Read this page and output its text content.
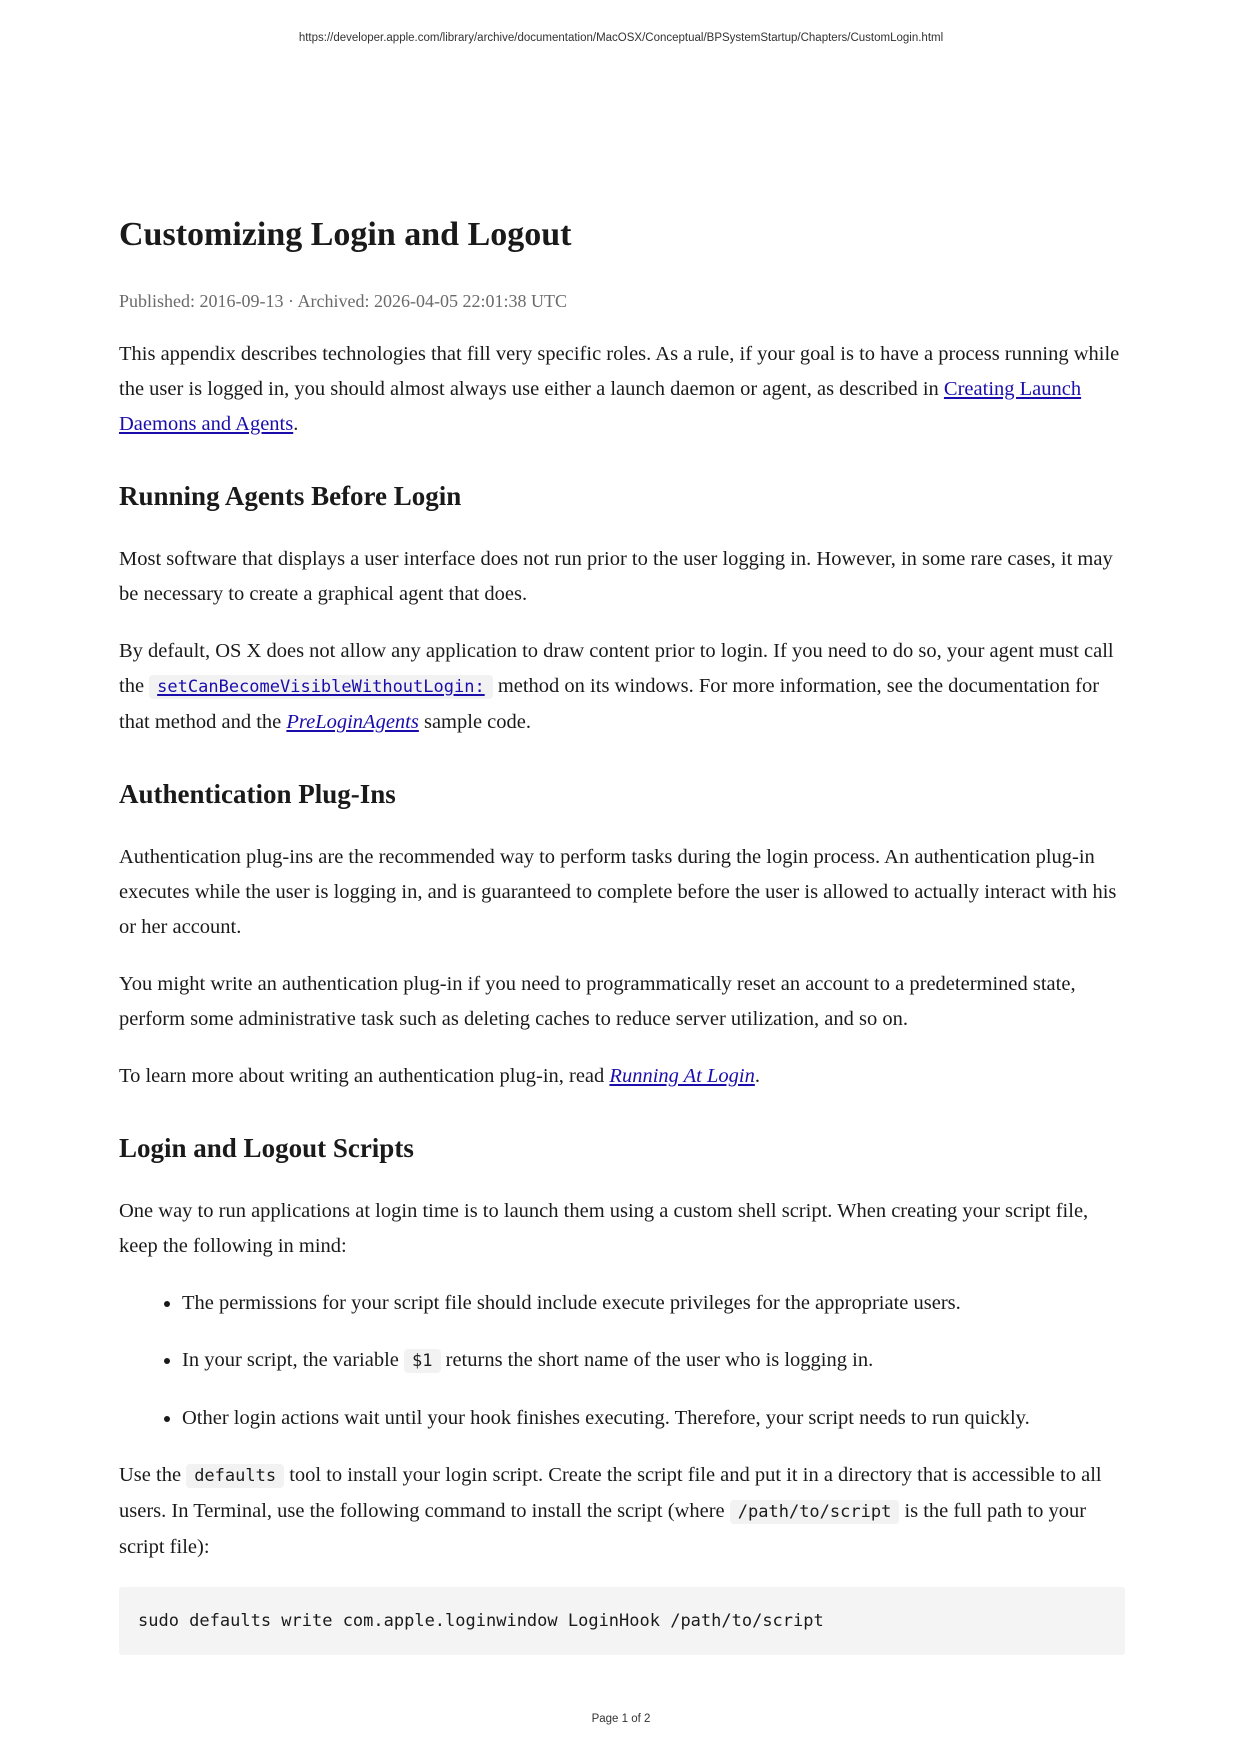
https://developer.apple.com/library/archive/documentation/MacOSX/Conceptual/BPSystemStartup/Chapters/CustomLogin.html
Customizing Login and Logout
Published: 2016-09-13 · Archived: 2026-04-05 22:01:38 UTC

This appendix describes technologies that fill very specific roles. As a rule, if your goal is to have a process running while the user is logged in, you should almost always use either a launch daemon or agent, as described in Creating Launch Daemons and Agents.

Running Agents Before Login

Most software that displays a user interface does not run prior to the user logging in. However, in some rare cases, it may be necessary to create a graphical agent that does.

By default, OS X does not allow any application to draw content prior to login. If you need to do so, your agent must call the setCanBecomeVisibleWithoutLogin: method on its windows. For more information, see the documentation for that method and the PreLoginAgents sample code.

Authentication Plug-Ins

Authentication plug-ins are the recommended way to perform tasks during the login process. An authentication plug-in executes while the user is logging in, and is guaranteed to complete before the user is allowed to actually interact with his or her account.

You might write an authentication plug-in if you need to programmatically reset an account to a predetermined state, perform some administrative task such as deleting caches to reduce server utilization, and so on.

To learn more about writing an authentication plug-in, read Running At Login.

Login and Logout Scripts

One way to run applications at login time is to launch them using a custom shell script. When creating your script file, keep the following in mind:

• The permissions for your script file should include execute privileges for the appropriate users.
• In your script, the variable $1 returns the short name of the user who is logging in.
• Other login actions wait until your hook finishes executing. Therefore, your script needs to run quickly.

Use the defaults tool to install your login script. Create the script file and put it in a directory that is accessible to all users. In Terminal, use the following command to install the script (where /path/to/script is the full path to your script file):

sudo defaults write com.apple.loginwindow LoginHook /path/to/script
Page 1 of 2
